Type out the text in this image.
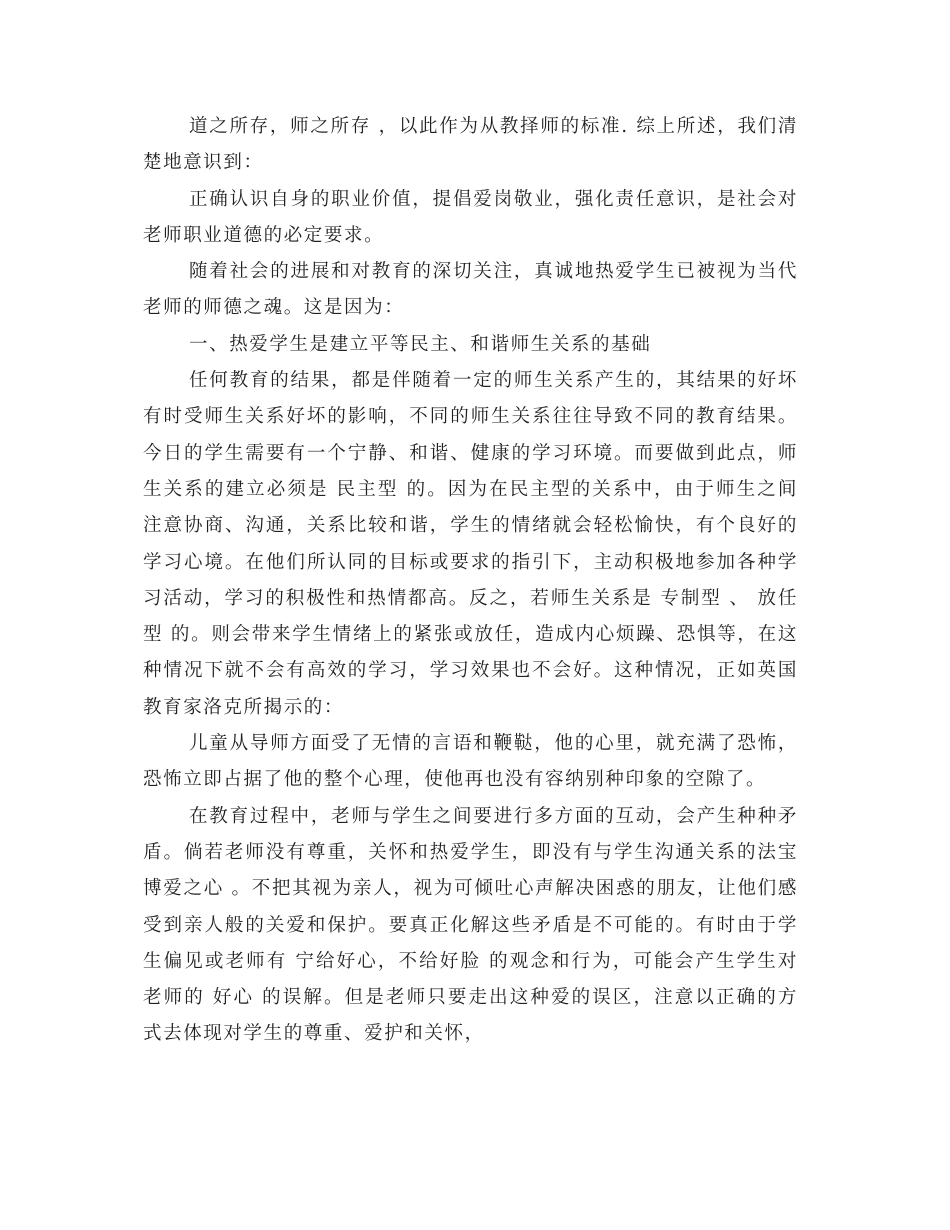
道之所存，师之所存 ，以此作为从教择师的标准. 综上所述，我们清楚地意识到：

正确认识自身的职业价值，提倡爱岗敬业，强化责任意识，是社会对老师职业道德的必定要求。

随着社会的进展和对教育的深切关注，真诚地热爱学生已被视为当代老师的师德之魂。这是因为：

一、热爱学生是建立平等民主、和谐师生关系的基础

任何教育的结果，都是伴随着一定的师生关系产生的，其结果的好坏有时受师生关系好坏的影响，不同的师生关系往往导致不同的教育结果。今日的学生需要有一个宁静、和谐、健康的学习环境。而要做到此点，师生关系的建立必须是 民主型 的。因为在民主型的关系中，由于师生之间注意协商、沟通，关系比较和谐，学生的情绪就会轻松愉快，有个良好的学习心境。在他们所认同的目标或要求的指引下，主动积极地参加各种学习活动，学习的积极性和热情都高。反之，若师生关系是 专制型 、 放任型 的。则会带来学生情绪上的紧张或放任，造成内心烦躁、恐惧等，在这种情况下就不会有高效的学习，学习效果也不会好。这种情况，正如英国教育家洛克所揭示的：

儿童从导师方面受了无情的言语和鞭鞑，他的心里，就充满了恐怖，恐怖立即占据了他的整个心理，使他再也没有容纳别种印象的空隙了。

在教育过程中，老师与学生之间要进行多方面的互动，会产生种种矛盾。倘若老师没有尊重，关怀和热爱学生，即没有与学生沟通关系的法宝 博爱之心 。不把其视为亲人，视为可倾吐心声解决困惑的朋友，让他们感受到亲人般的关爱和保护。要真正化解这些矛盾是不可能的。有时由于学生偏见或老师有 宁给好心，不给好脸 的观念和行为，可能会产生学生对老师的 好心 的误解。但是老师只要走出这种爱的误区，注意以正确的方式去体现对学生的尊重、爱护和关怀，
